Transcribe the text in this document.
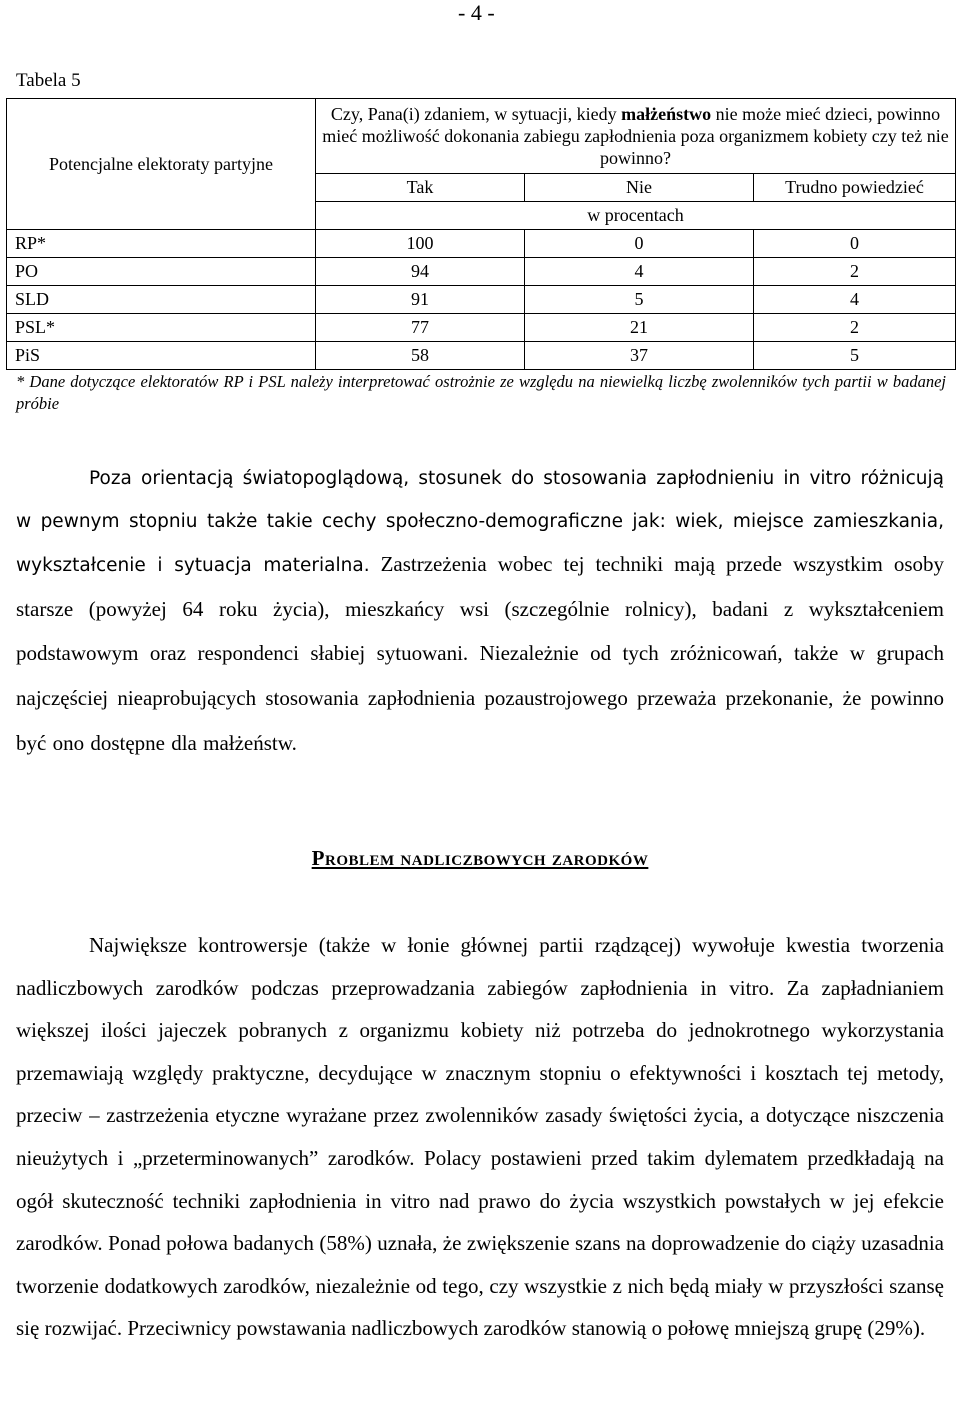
- 4 -
Tabela 5
Potencjalne elektoraty partyjne	Czy, Pana(i) zdaniem, w sytuacji, kiedy małżeństwo nie może mieć dzieci, powinno mieć możliwość dokonania zabiegu zapłodnienia poza organizmem kobiety czy też nie powinno?		
	Tak	Nie	Trudno powiedzieć
	w procentach		
RP*	100	0	0
PO	94	4	2
SLD	91	5	4
PSL*	77	21	2
PiS	58	37	5
* Dane dotyczące elektoratów RP i PSL należy interpretować ostrożnie ze względu na niewielką liczbę zwolenników tych partii w badanej próbie
Poza orientacją światopoglądową, stosunek do stosowania zapłodnieniu in vitro różnicują w pewnym stopniu także takie cechy społeczno-demograficzne jak: wiek, miejsce zamieszkania, wykształcenie i sytuacja materialna. Zastrzeżenia wobec tej techniki mają przede wszystkim osoby starsze (powyżej 64 roku życia), mieszkańcy wsi (szczególnie rolnicy), badani z wykształceniem podstawowym oraz respondenci słabiej sytuowani. Niezależnie od tych zróżnicowań, także w grupach najczęściej nieaprobujących stosowania zapłodnienia pozaustrojowego przeważa przekonanie, że powinno być ono dostępne dla małżeństw.
Problem nadliczbowych zarodków
Największe kontrowersje (także w łonie głównej partii rządzącej) wywołuje kwestia tworzenia nadliczbowych zarodków podczas przeprowadzania zabiegów zapłodnienia in vitro. Za zapładnianiem większej ilości jajeczek pobranych z organizmu kobiety niż potrzeba do jednokrotnego wykorzystania przemawiają względy praktyczne, decydujące w znacznym stopniu o efektywności i kosztach tej metody, przeciw – zastrzeżenia etyczne wyrażane przez zwolenników zasady świętości życia, a dotyczące niszczenia nieużytych i „przeterminowanych” zarodków. Polacy postawieni przed takim dylematem przedkładają na ogół skuteczność techniki zapłodnienia in vitro nad prawo do życia wszystkich powstałych w jej efekcie zarodków. Ponad połowa badanych (58%) uznała, że zwiększenie szans na doprowadzenie do ciąży uzasadnia tworzenie dodatkowych zarodków, niezależnie od tego, czy wszystkie z nich będą miały w przyszłości szansę się rozwijać. Przeciwnicy powstawania nadliczbowych zarodków stanowią o połowę mniejszą grupę (29%).
